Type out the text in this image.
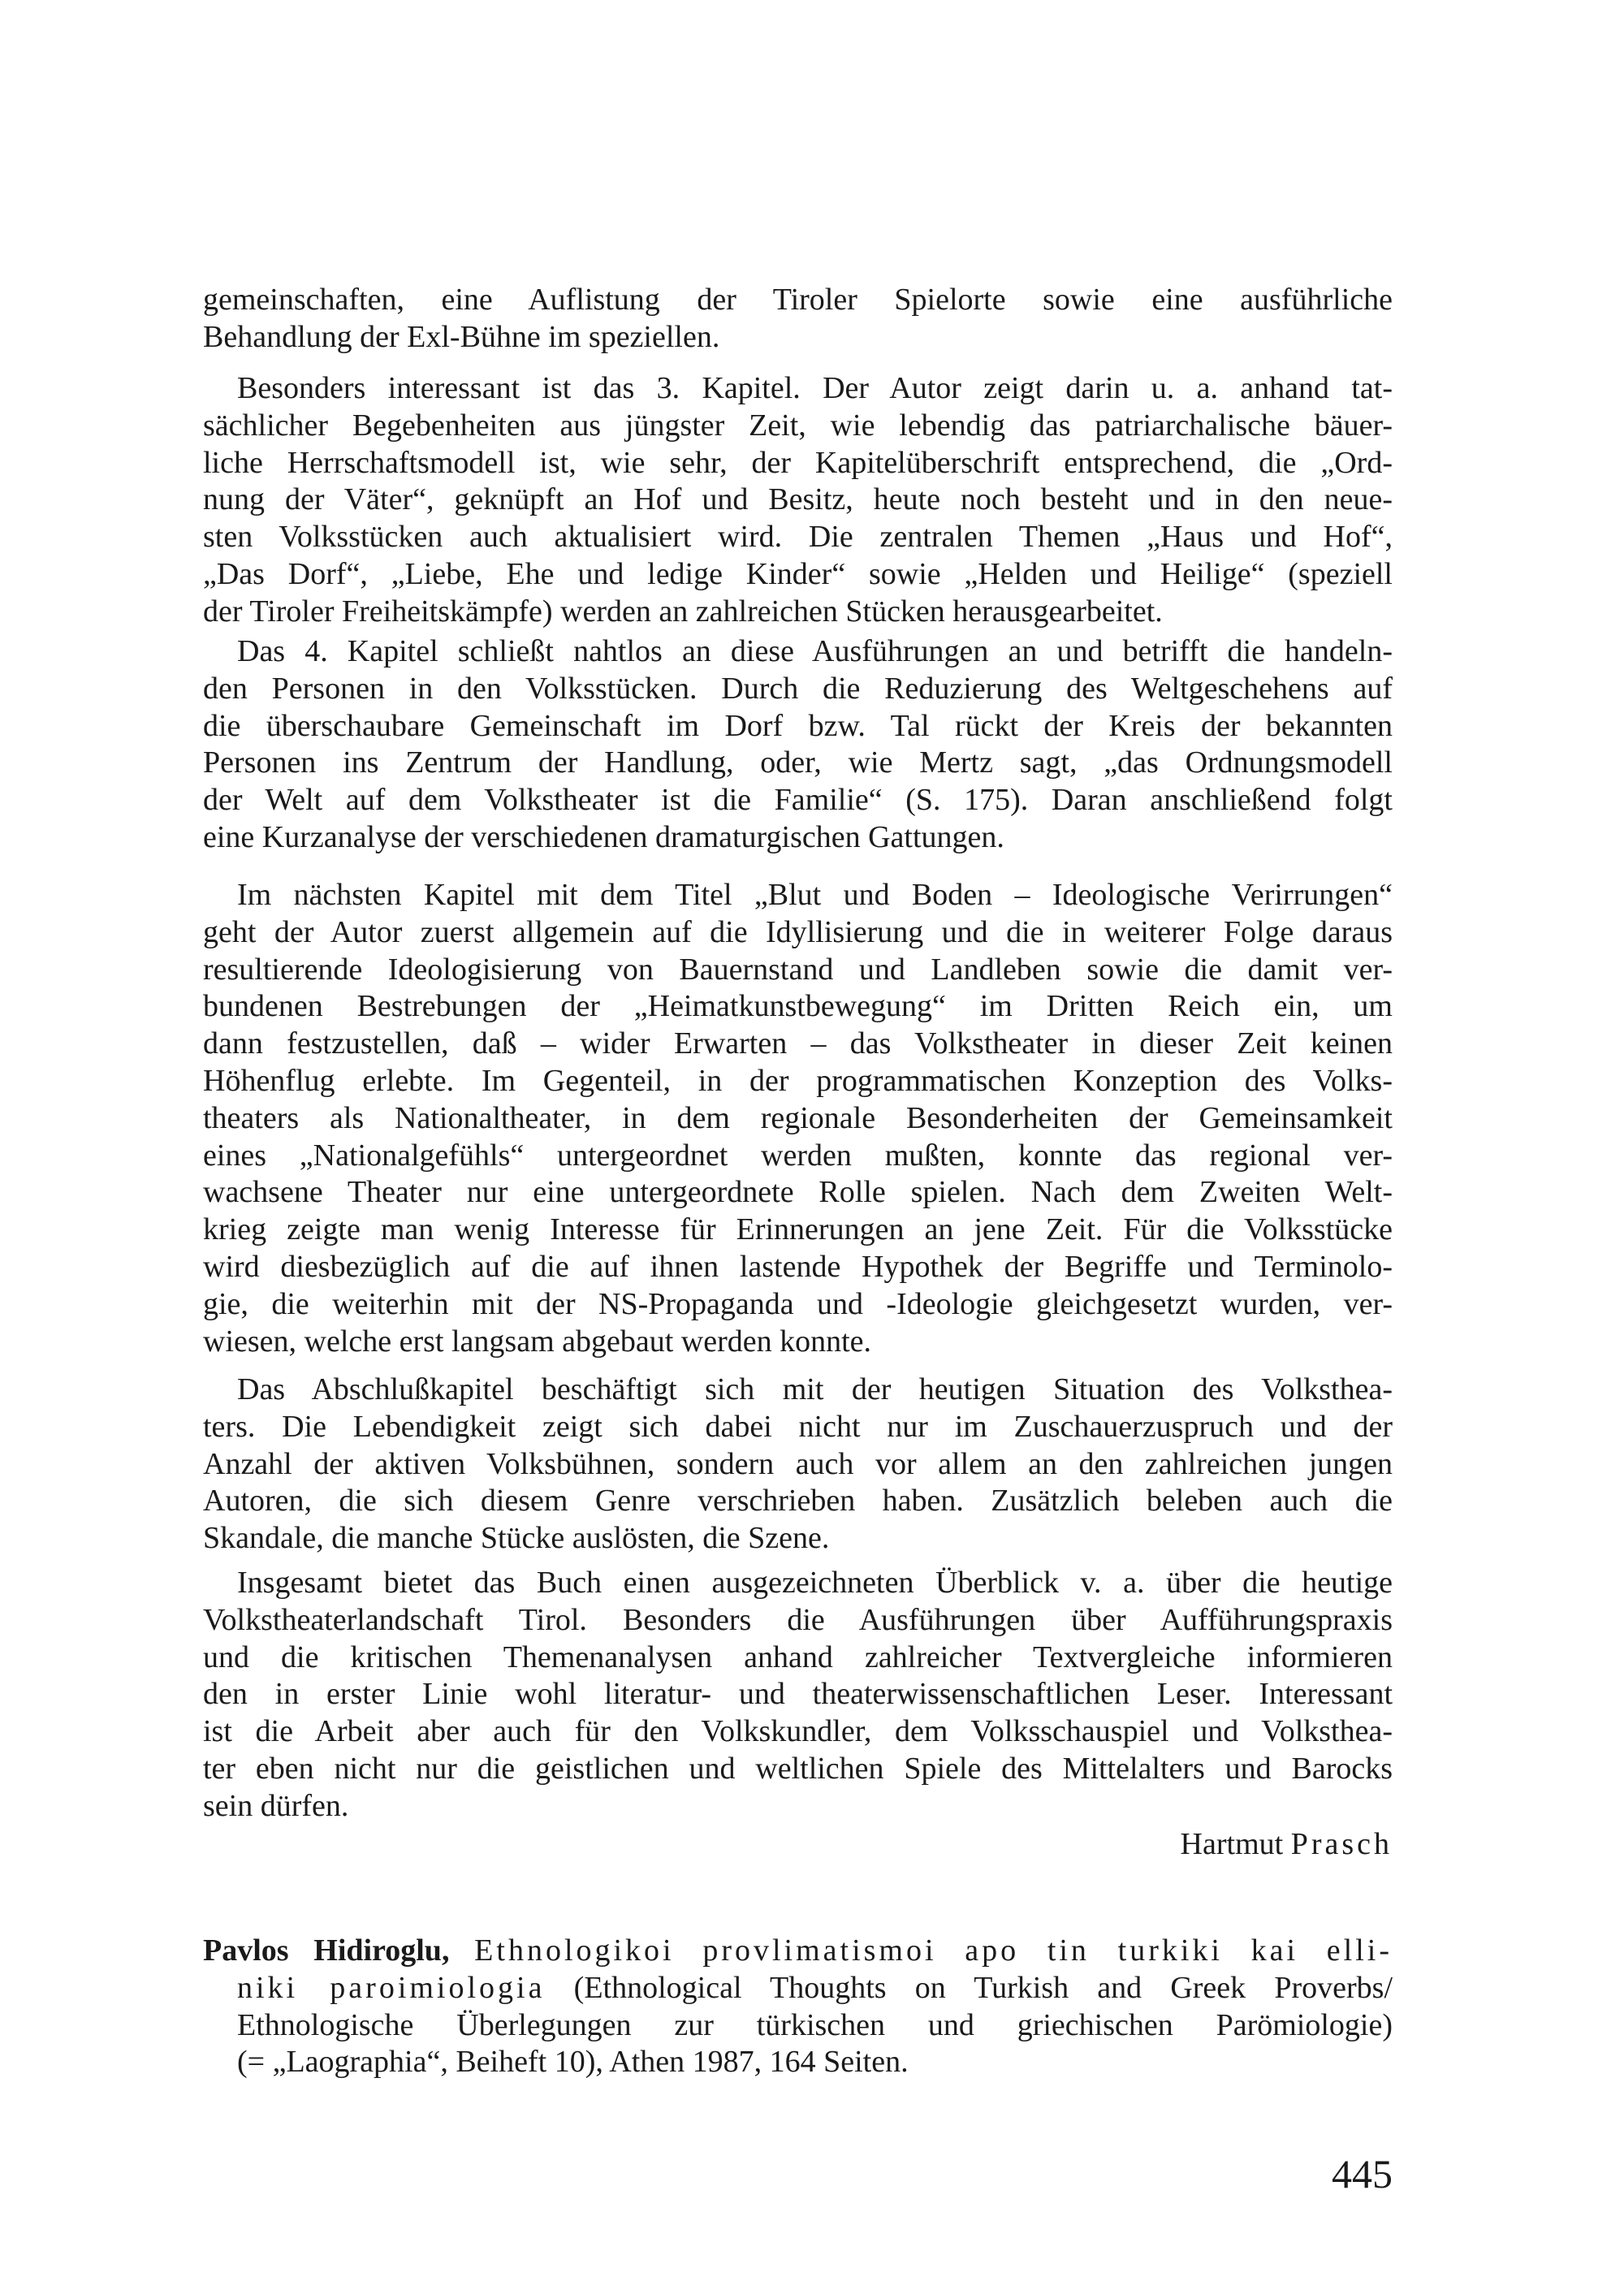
gemeinschaften, eine Auflistung der Tiroler Spielorte sowie eine ausführliche
Behandlung der Exl-Bühne im speziellen.
Besonders interessant ist das 3. Kapitel. Der Autor zeigt darin u. a. anhand tat-
sächlicher Begebenheiten aus jüngster Zeit, wie lebendig das patriarchalische bäuer-
liche Herrschaftsmodell ist, wie sehr, der Kapitelüberschrift entsprechend, die „Ord-
nung der Väter“, geknüpft an Hof und Besitz, heute noch besteht und in den neue-
sten Volksstücken auch aktualisiert wird. Die zentralen Themen „Haus und Hof“,
„Das Dorf“, „Liebe, Ehe und ledige Kinder“ sowie „Helden und Heilige“ (speziell
der Tiroler Freiheitskämpfe) werden an zahlreichen Stücken herausgearbeitet.
Das 4. Kapitel schließt nahtlos an diese Ausführungen an und betrifft die handeln-
den Personen in den Volksstücken. Durch die Reduzierung des Weltgeschehens auf
die überschaubare Gemeinschaft im Dorf bzw. Tal rückt der Kreis der bekannten
Personen ins Zentrum der Handlung, oder, wie Mertz sagt, „das Ordnungsmodell
der Welt auf dem Volkstheater ist die Familie“ (S. 175). Daran anschließend folgt
eine Kurzanalyse der verschiedenen dramaturgischen Gattungen.
Im nächsten Kapitel mit dem Titel „Blut und Boden – Ideologische Verirrungen“
geht der Autor zuerst allgemein auf die Idyllisierung und die in weiterer Folge daraus
resultierende Ideologisierung von Bauernstand und Landleben sowie die damit ver-
bundenen Bestrebungen der „Heimatkunstbewegung“ im Dritten Reich ein, um
dann festzustellen, daß – wider Erwarten – das Volkstheater in dieser Zeit keinen
Höhenflug erlebte. Im Gegenteil, in der programmatischen Konzeption des Volks-
theaters als Nationaltheater, in dem regionale Besonderheiten der Gemeinsamkeit
eines „Nationalgefühls“ untergeordnet werden mußten, konnte das regional ver-
wachsene Theater nur eine untergeordnete Rolle spielen. Nach dem Zweiten Welt-
krieg zeigte man wenig Interesse für Erinnerungen an jene Zeit. Für die Volksstücke
wird diesbezüglich auf die auf ihnen lastende Hypothek der Begriffe und Terminolo-
gie, die weiterhin mit der NS-Propaganda und -Ideologie gleichgesetzt wurden, ver-
wiesen, welche erst langsam abgebaut werden konnte.
Das Abschlußkapitel beschäftigt sich mit der heutigen Situation des Volksthea-
ters. Die Lebendigkeit zeigt sich dabei nicht nur im Zuschauerzuspruch und der
Anzahl der aktiven Volksbühnen, sondern auch vor allem an den zahlreichen jungen
Autoren, die sich diesem Genre verschrieben haben. Zusätzlich beleben auch die
Skandale, die manche Stücke auslösten, die Szene.
Insgesamt bietet das Buch einen ausgezeichneten Überblick v. a. über die heutige
Volkstheaterlandschaft Tirol. Besonders die Ausführungen über Aufführungspraxis
und die kritischen Themenanalysen anhand zahlreicher Textvergleiche informieren
den in erster Linie wohl literatur- und theaterwissenschaftlichen Leser. Interessant
ist die Arbeit aber auch für den Volkskundler, dem Volksschauspiel und Volksthea-
ter eben nicht nur die geistlichen und weltlichen Spiele des Mittelalters und Barocks
sein dürfen.
Hartmut Prasch
Pavlos Hidiroglu, Ethnologikoi provlimatismoi apo tin turkiki kai elli-
niki paroimiologia (Ethnological Thoughts on Turkish and Greek Proverbs/
Ethnologische Überlegungen zur türkischen und griechischen Parömiologie)
(= „Laographia“, Beiheft 10), Athen 1987, 164 Seiten.
445
